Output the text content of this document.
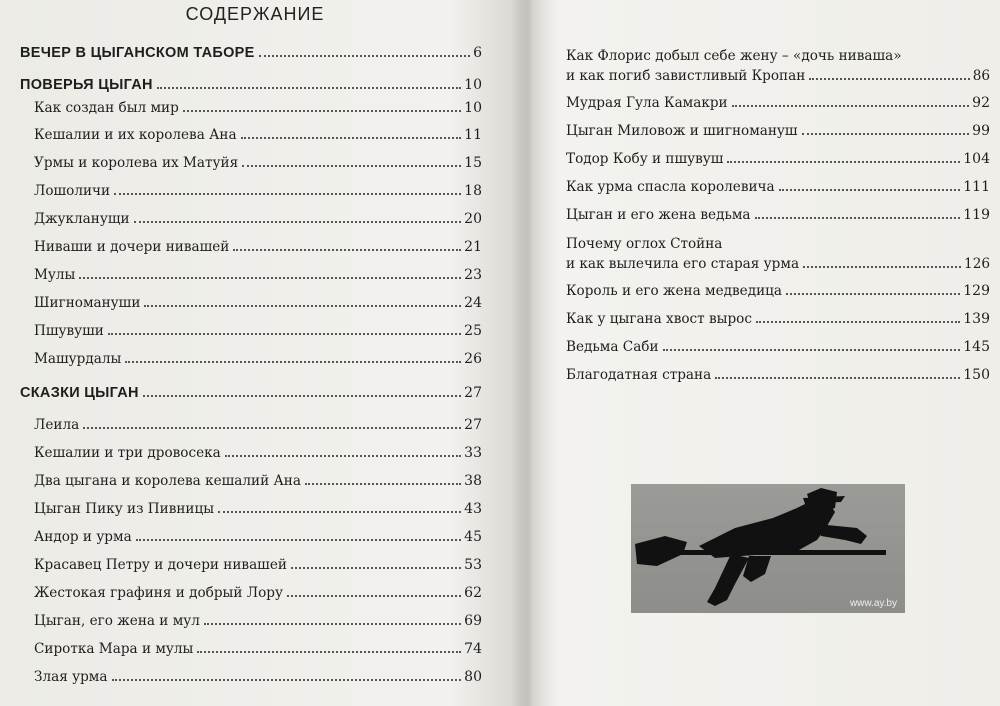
СОДЕРЖАНИЕ
ВЕЧЕР В ЦЫГАНСКОМ ТАБОРЕ	6
ПОВЕРЬЯ ЦЫГАН	10
Как создан был мир	10
Кешалии и их королева Ана	11
Урмы и королева их Матуйя	15
Лошоличи	18
Джукланущи	20
Ниваши и дочери нивашей	21
Мулы	23
Шигномануши	24
Пшувуши	25
Машурдалы	26
СКАЗКИ ЦЫГАН	27
Леила	27
Кешалии и три дровосека	33
Два цыгана и королева кешалий Ана	38
Цыган Пику из Пивницы	43
Андор и урма	45
Красавец Петру и дочери нивашей	53
Жестокая графиня и добрый Лору	62
Цыган, его жена и мул	69
Сиротка Мара и мулы	74
Злая урма	80
Как Флорис добыл себе жену – «дочь ниваша»
и как погиб завистливый Кропан	86
Мудрая Гула Камакри	92
Цыган Миловож и шигномануш	99
Тодор Кобу и пшувуш	104
Как урма спасла королевича	111
Цыган и его жена ведьма	119
Почему оглох Стойна
и как вылечила его старая урма	126
Король и его жена медведица	129
Как у цыгана хвост вырос	139
Ведьма Саби	145
Благодатная страна	150
www.ay.by
